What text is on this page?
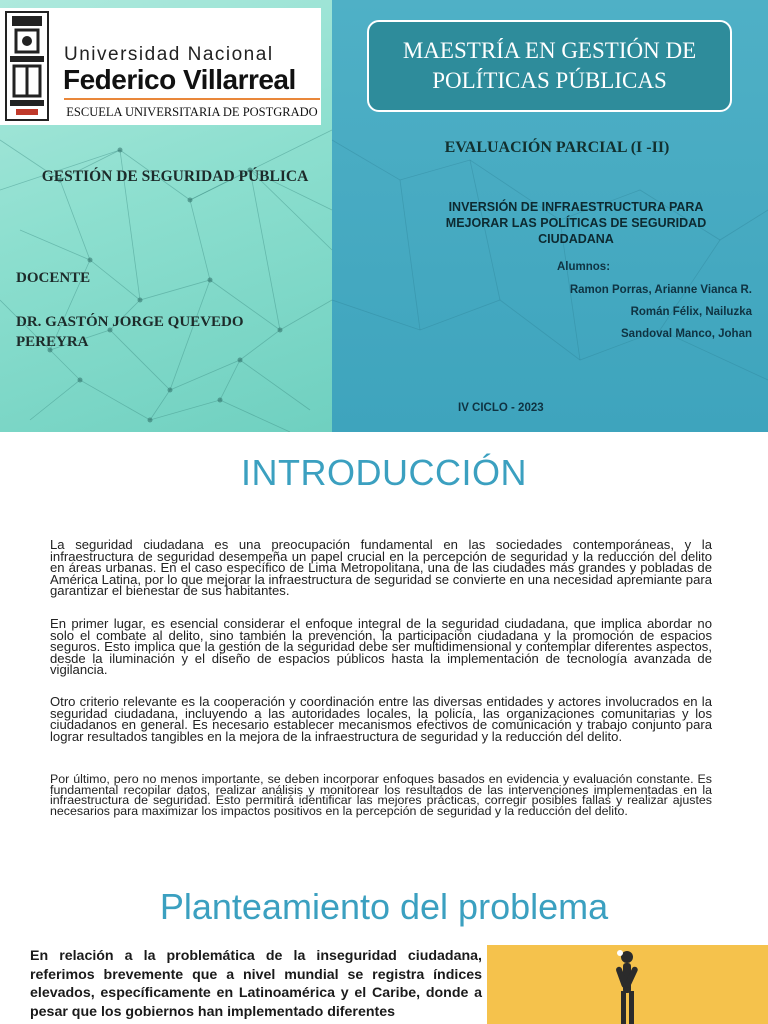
Universidad Nacional
Federico Villarreal
ESCUELA UNIVERSITARIA DE POSTGRADO
GESTIÓN DE SEGURIDAD PÚBLICA
DOCENTE
DR. GASTÓN JORGE QUEVEDO PEREYRA
MAESTRÍA EN GESTIÓN DE POLÍTICAS PÚBLICAS
EVALUACIÓN PARCIAL (I -II)
INVERSIÓN DE INFRAESTRUCTURA PARA MEJORAR LAS POLÍTICAS DE SEGURIDAD CIUDADANA
Alumnos:
Ramon Porras, Arianne Vianca R.
Román Félix, Nailuzka
Sandoval Manco, Johan
IV CICLO - 2023
INTRODUCCIÓN

La seguridad ciudadana es una preocupación fundamental en las sociedades contemporáneas, y la infraestructura de seguridad desempeña un papel crucial en la percepción de seguridad y la reducción del delito en áreas urbanas. En el caso específico de Lima Metropolitana, una de las ciudades más grandes y pobladas de América Latina, por lo que mejorar la infraestructura de seguridad se convierte en una necesidad apremiante para garantizar el bienestar de sus habitantes.

En primer lugar, es esencial considerar el enfoque integral de la seguridad ciudadana, que implica abordar no solo el combate al delito, sino también la prevención, la participación ciudadana y la promoción de espacios seguros. Esto implica que la gestión de la seguridad debe ser multidimensional y contemplar diferentes aspectos, desde la iluminación y el diseño de espacios públicos hasta la implementación de tecnología avanzada de vigilancia.

Otro criterio relevante es la cooperación y coordinación entre las diversas entidades y actores involucrados en la seguridad ciudadana, incluyendo a las autoridades locales, la policía, las organizaciones comunitarias y los ciudadanos en general. Es necesario establecer mecanismos efectivos de comunicación y trabajo conjunto para lograr resultados tangibles en la mejora de la infraestructura de seguridad y la reducción del delito.

Por último, pero no menos importante, se deben incorporar enfoques basados en evidencia y evaluación constante. Es fundamental recopilar datos, realizar análisis y monitorear los resultados de las intervenciones implementadas en la infraestructura de seguridad. Esto permitirá identificar las mejores prácticas, corregir posibles fallas y realizar ajustes necesarios para maximizar los impactos positivos en la percepción de seguridad y la reducción del delito.

Planteamiento del problema

En relación a la problemática de la inseguridad ciudadana, referimos brevemente que a nivel mundial se registra índices elevados, específicamente en Latinoamérica y el Caribe, donde a pesar que los gobiernos han implementado diferentes
